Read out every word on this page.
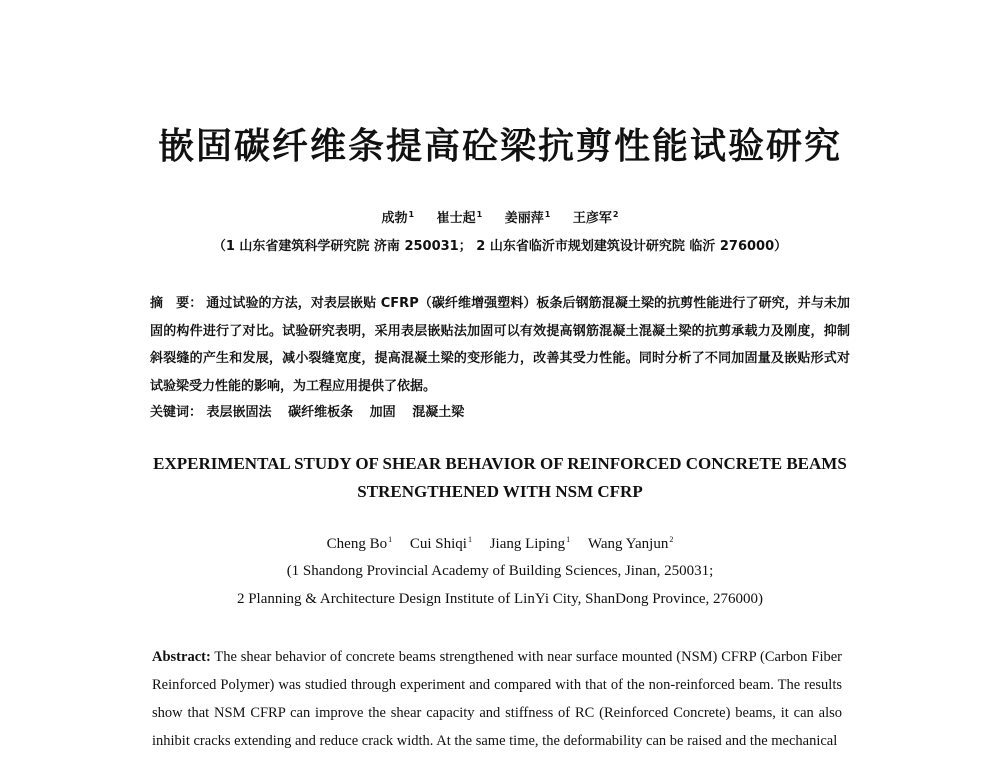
嵌固碳纤维条提高砼梁抗剪性能试验研究
成勃$^1$ 崔士起$^1$ 姜丽萍$^1$ 王彦军$^2$
（1 山东省建筑科学研究院 济南 250031； 2 山东省临沂市规划建筑设计研究院 临沂 276000）
摘　要： 通过试验的方法，对表层嵌贴 CFRP（碳纤维增强塑料）板条后钢筋混凝土梁的抗剪性能进行了研究，并与未加固的构件进行了对比。试验研究表明，采用表层嵌贴法加固可以有效提高钢筋混凝土混凝土梁的抗剪承载力及刚度，抑制斜裂缝的产生和发展，减小裂缝宽度，提高混凝土梁的变形能力，改善其受力性能。同时分析了不同加固量及嵌贴形式对试验梁受力性能的影响，为工程应用提供了依据。
关键词： 表层嵌固法 碳纤维板条 加固 混凝土梁
EXPERIMENTAL STUDY OF SHEAR BEHAVIOR OF REINFORCED CONCRETE BEAMS STRENGTHENED WITH NSM CFRP
Cheng Bo$^1$ Cui Shiqi$^1$ Jiang Liping$^1$ Wang Yanjun$^2$
(1 Shandong Provincial Academy of Building Sciences, Jinan, 250031;
2 Planning & Architecture Design Institute of LinYi City, ShanDong Province, 276000)
Abstract: The shear behavior of concrete beams strengthened with near surface mounted (NSM) CFRP (Carbon Fiber Reinforced Polymer) was studied through experiment and compared with that of the non-reinforced beam. The results show that NSM CFRP can improve the shear capacity and stiffness of RC (Reinforced Concrete) beams, it can also inhibit cracks extending and reduce crack width. At the same time, the deformability can be raised and the mechanical
